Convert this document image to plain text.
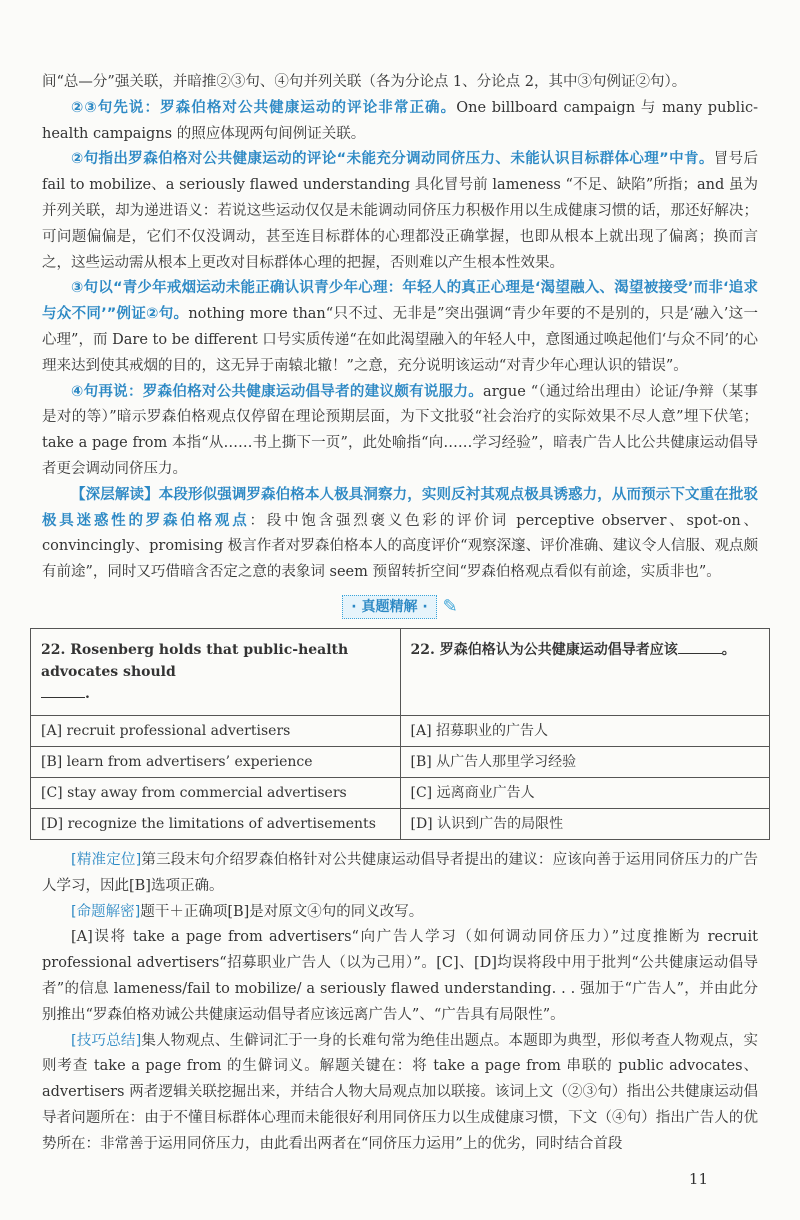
间“总—分”强关联，并暗推②③句、④句并列关联（各为分论点 1、分论点 2，其中③句例证②句）。

②③句先说：罗森伯格对公共健康运动的评论非常正确。One billboard campaign 与 many public-health campaigns 的照应体现两句间例证关联。

②句指出罗森伯格对公共健康运动的评论“未能充分调动同侪压力、未能认识目标群体心理”中肯。冒号后 fail to mobilize、a seriously flawed understanding 具化冒号前 lameness “不足、缺陷”所指；and 虽为并列关联，却为递进语义：若说这些运动仅仅是未能调动同侪压力积极作用以生成健康习惯的话，那还好解决；可问题偏偏是，它们不仅没调动，甚至连目标群体的心理都没正确掌握，也即从根本上就出现了偏离；换而言之，这些运动需从根本上更改对目标群体心理的把握，否则难以产生根本性效果。

③句以“青少年戒烟运动未能正确认识青少年心理：年轻人的真正心理是‘渴望融入、渴望被接受’而非‘追求与众不同’”例证②句。nothing more than“只不过、无非是”突出强调“青少年要的不是别的，只是‘融入’这一心理”，而 Dare to be different 口号实质传递“在如此渴望融入的年轻人中，意图通过唤起他们‘与众不同’的心理来达到使其戒烟的目的，这无异于南辕北辙！”之意，充分说明该运动“对青少年心理认识的错误”。

④句再说：罗森伯格对公共健康运动倡导者的建议颇有说服力。argue “（通过给出理由）论证/争辩（某事是对的等）”暗示罗森伯格观点仅停留在理论预期层面，为下文批驳“社会治疗的实际效果不尽人意”埋下伏笔；take a page from 本指“从……书上撕下一页”，此处喻指“向……学习经验”，暗表广告人比公共健康运动倡导者更会调动同侪压力。

【深层解读】本段形似强调罗森伯格本人极具洞察力，实则反衬其观点极具诱惑力，从而预示下文重在批驳极具迷惑性的罗森伯格观点：段中饱含强烈褒义色彩的评价词 perceptive observer、spot-on、convincingly、promising 极言作者对罗森伯格本人的高度评价“观察深邃、评价准确、建议令人信服、观点颇有前途”，同时又巧借暗含否定之意的表象词 seem 预留转折空间“罗森伯格观点看似有前途，实质非也”。

· 真题精解 · ✎
22. Rosenberg holds that public-health advocates should
.	22. 罗森伯格认为公共健康运动倡导者应该 。
[A] recruit professional advertisers	[A] 招募职业的广告人
[B] learn from advertisers’ experience	[B] 从广告人那里学习经验
[C] stay away from commercial advertisers	[C] 远离商业广告人
[D] recognize the limitations of advertisements	[D] 认识到广告的局限性

[精准定位]第三段末句介绍罗森伯格针对公共健康运动倡导者提出的建议：应该向善于运用同侪压力的广告人学习，因此[B]选项正确。

[命题解密]题干＋正确项[B]是对原文④句的同义改写。

[A]误将 take a page from advertisers“向广告人学习（如何调动同侪压力）”过度推断为 recruit professional advertisers“招募职业广告人（以为己用）”。[C]、[D]均误将段中用于批判“公共健康运动倡导者”的信息 lameness/fail to mobilize/ a seriously flawed understanding. . . 强加于“广告人”，并由此分别推出“罗森伯格劝诫公共健康运动倡导者应该远离广告人”、“广告具有局限性”。

[技巧总结]集人物观点、生僻词汇于一身的长难句常为绝佳出题点。本题即为典型，形似考查人物观点，实则考查 take a page from 的生僻词义。解题关键在：将 take a page from 串联的 public advocates、advertisers 两者逻辑关联挖掘出来，并结合人物大局观点加以联接。该词上文（②③句）指出公共健康运动倡导者问题所在：由于不懂目标群体心理而未能很好利用同侪压力以生成健康习惯，下文（④句）指出广告人的优势所在：非常善于运用同侪压力，由此看出两者在“同侪压力运用”上的优劣，同时结合首段

11
